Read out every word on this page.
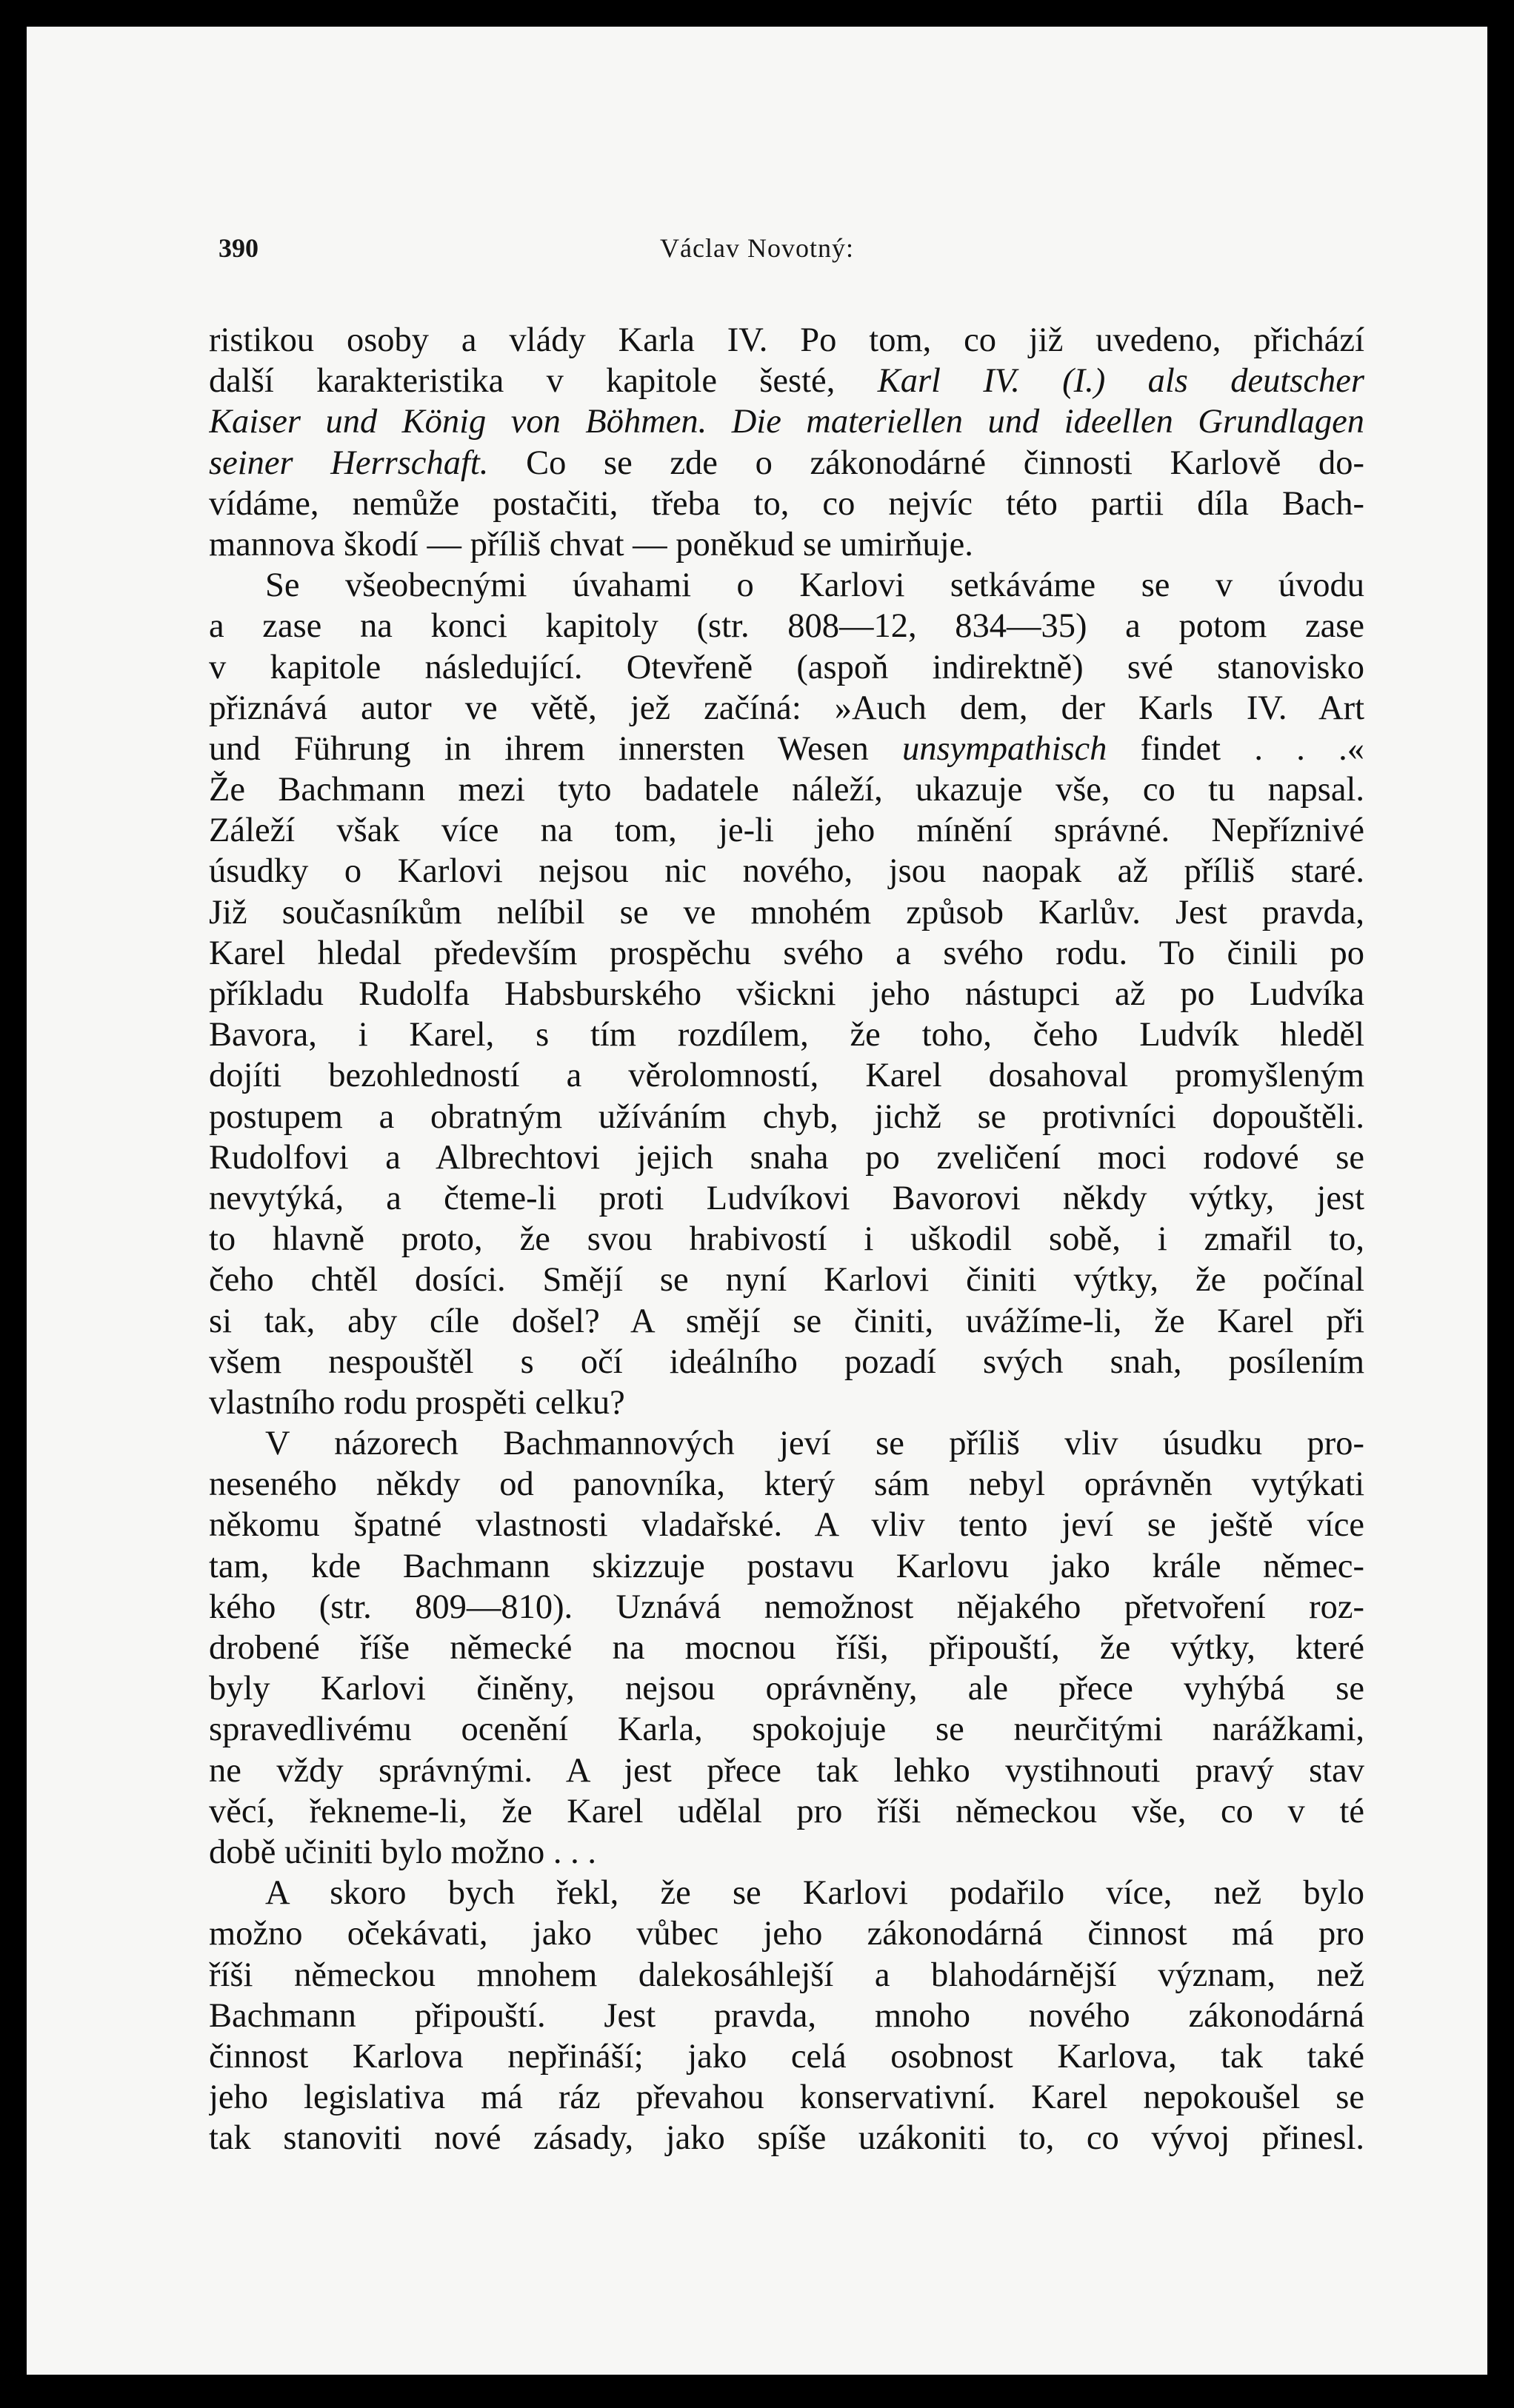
390	Václav Novotný:
ristikou osoby a vlády Karla IV. Po tom, co již uvedeno, přichází
další karakteristika v kapitole šesté, Karl IV. (I.) als deutscher
Kaiser und König von Böhmen. Die materiellen und ideellen Grundlagen
seiner Herrschaft. Co se zde o zákonodárné činnosti Karlově do-
vídáme, nemůže postačiti, třeba to, co nejvíc této partii díla Bach-
mannova škodí — příliš chvat — poněkud se umirňuje.
Se všeobecnými úvahami o Karlovi setkáváme se v úvodu
a zase na konci kapitoly (str. 808—12, 834—35) a potom zase
v kapitole následující. Otevřeně (aspoň indirektně) své stanovisko
přiznává autor ve větě, jež začíná: »Auch dem, der Karls IV. Art
und Führung in ihrem innersten Wesen unsympathisch findet . . .«
Že Bachmann mezi tyto badatele náleží, ukazuje vše, co tu napsal.
Záleží však více na tom, je-li jeho mínění správné. Nepříznivé
úsudky o Karlovi nejsou nic nového, jsou naopak až příliš staré.
Již současníkům nelíbil se ve mnohém způsob Karlův. Jest pravda,
Karel hledal především prospěchu svého a svého rodu. To činili po
příkladu Rudolfa Habsburského všickni jeho nástupci až po Ludvíka
Bavora, i Karel, s tím rozdílem, že toho, čeho Ludvík hleděl
dojíti bezohledností a věrolomností, Karel dosahoval promyšleným
postupem a obratným užíváním chyb, jichž se protivníci dopouštěli.
Rudolfovi a Albrechtovi jejich snaha po zveličení moci rodové se
nevytýká, a čteme-li proti Ludvíkovi Bavorovi někdy výtky, jest
to hlavně proto, že svou hrabivostí i uškodil sobě, i zmařil to,
čeho chtěl dosíci. Smějí se nyní Karlovi činiti výtky, že počínal
si tak, aby cíle došel? A smějí se činiti, uvážíme-li, že Karel při
všem nespouštěl s očí ideálního pozadí svých snah, posílením
vlastního rodu prospěti celku?
V názorech Bachmannových jeví se příliš vliv úsudku pro-
neseného někdy od panovníka, který sám nebyl oprávněn vytýkati
někomu špatné vlastnosti vladařské. A vliv tento jeví se ještě více
tam, kde Bachmann skizzuje postavu Karlovu jako krále němec-
kého (str. 809—810). Uznává nemožnost nějakého přetvoření roz-
drobené říše německé na mocnou říši, připouští, že výtky, které
byly Karlovi činěny, nejsou oprávněny, ale přece vyhýbá se
spravedlivému ocenění Karla, spokojuje se neurčitými narážkami,
ne vždy správnými. A jest přece tak lehko vystihnouti pravý stav
věcí, řekneme-li, že Karel udělal pro říši německou vše, co v té
době učiniti bylo možno . . .
A skoro bych řekl, že se Karlovi podařilo více, než bylo
možno očekávati, jako vůbec jeho zákonodárná činnost má pro
říši německou mnohem dalekosáhlejší a blahodárnější význam, než
Bachmann připouští. Jest pravda, mnoho nového zákonodárná
činnost Karlova nepřináší; jako celá osobnost Karlova, tak také
jeho legislativa má ráz převahou konservativní. Karel nepokoušel se
tak stanoviti nové zásady, jako spíše uzákoniti to, co vývoj přinesl.
